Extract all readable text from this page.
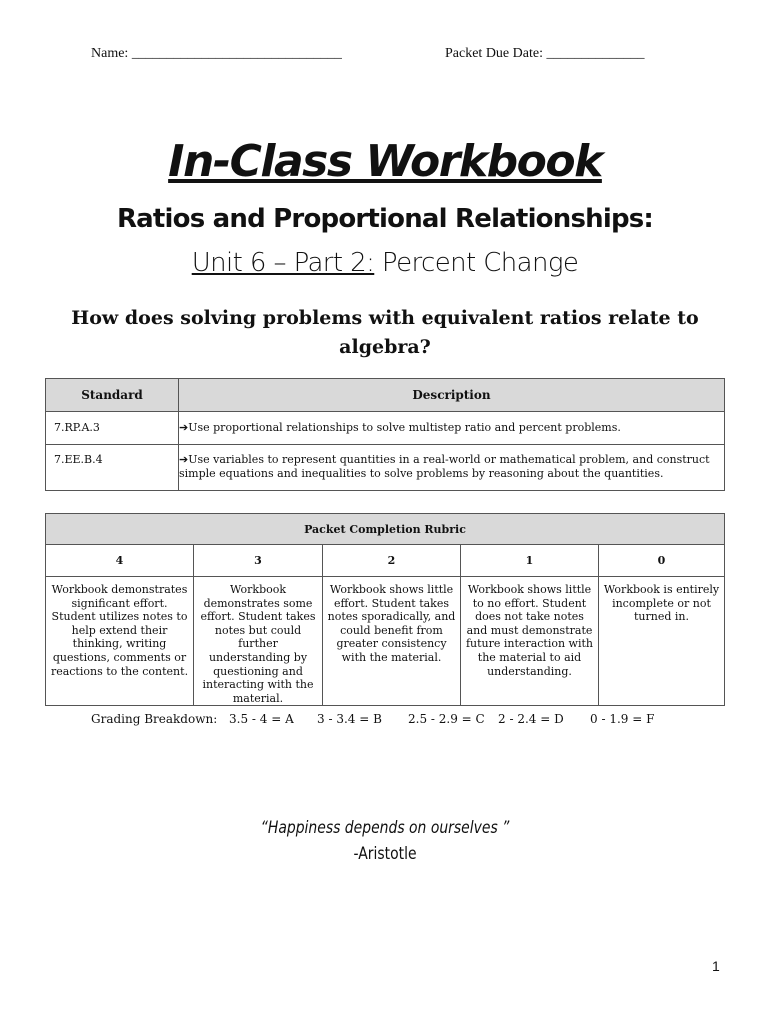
Name: ______________________________	Packet Due Date: ______________
In-Class Workbook
Ratios and Proportional Relationships:
Unit 6 – Part 2: Percent Change
How does solving problems with equivalent ratios relate to algebra?
Standard	Description
7.RP.A.3	➔Use proportional relationships to solve multistep ratio and percent problems.
7.EE.B.4	➔Use variables to represent quantities in a real-world or mathematical problem, and construct simple equations and inequalities to solve problems by reasoning about the quantities.
Packet Completion Rubric				
4	3	2	1	0
Workbook demonstrates significant effort. Student utilizes notes to help extend their thinking, writing questions, comments or reactions to the content.	Workbook demonstrates some effort. Student takes notes but could further understanding by questioning and interacting with the material.	Workbook shows little effort. Student takes notes sporadically, and could benefit from greater consistency with the material.	Workbook shows little to no effort. Student does not take notes and must demonstrate future interaction with the material to aid understanding.	Workbook is entirely incomplete or not turned in.
Grading Breakdown: 3.5 - 4 = A 3 - 3.4 = B 2.5 - 2.9 = C 2 - 2.4 = D 0 - 1.9 = F
“Happiness depends on ourselves ”
-Aristotle
1
